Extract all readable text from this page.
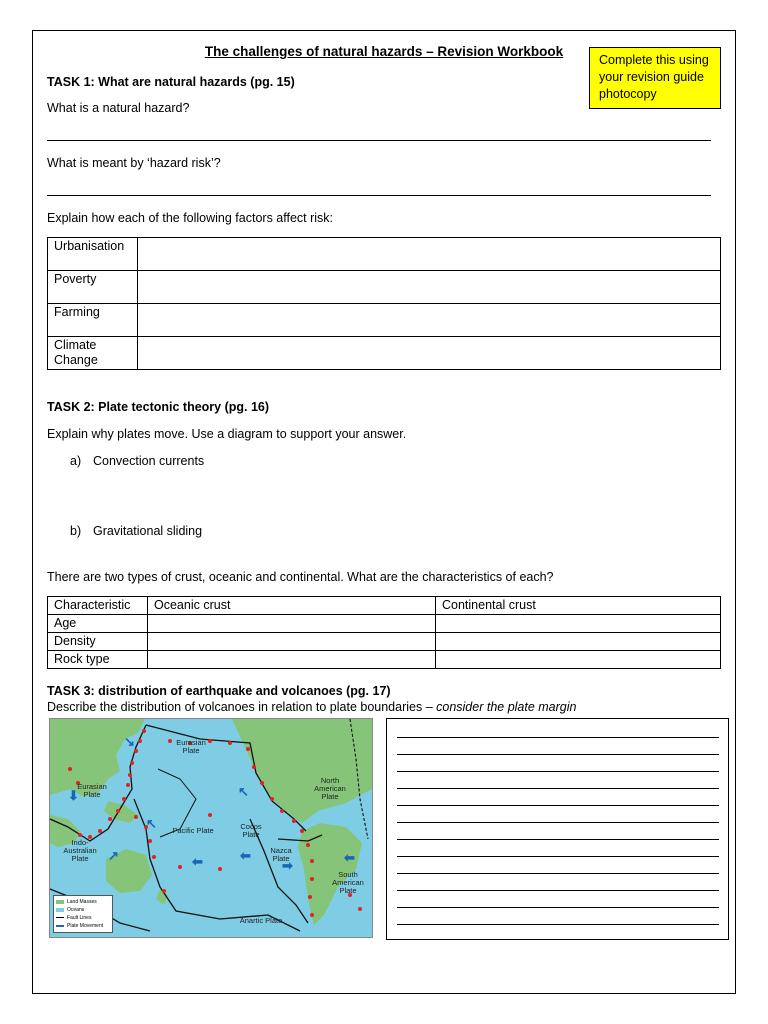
The challenges of natural hazards – Revision Workbook
Complete this using your revision guide photocopy
TASK 1: What are natural hazards (pg. 15)
What is a natural hazard?
What is meant by ‘hazard risk’?
Explain how each of the following factors affect risk:
Urbanisation	
Poverty	
Farming	
Climate Change	
TASK 2: Plate tectonic theory (pg. 16)
Explain why plates move. Use a diagram to support your answer.
a) Convection currents
b) Gravitational sliding
There are two types of crust, oceanic and continental. What are the characteristics of each?
Characteristic	Oceanic crust	Continental crust
Age		
Density		
Rock type		
TASK 3: distribution of earthquake and volcanoes (pg. 17)
Describe the distribution of volcanoes in relation to plate boundaries – consider the plate margin
Eurasian Plate
Eurasian Plate
North American Plate
Pacific Plate	Cocos Plate
Indo-Australian Plate
Nazca Plate
South American Plate
Anartic Plate
↘
⬇
↗
↖
⬅
↖
➡
⬅	⬅
Land Masses
Oceans
Fault Lines
Plate Movement
